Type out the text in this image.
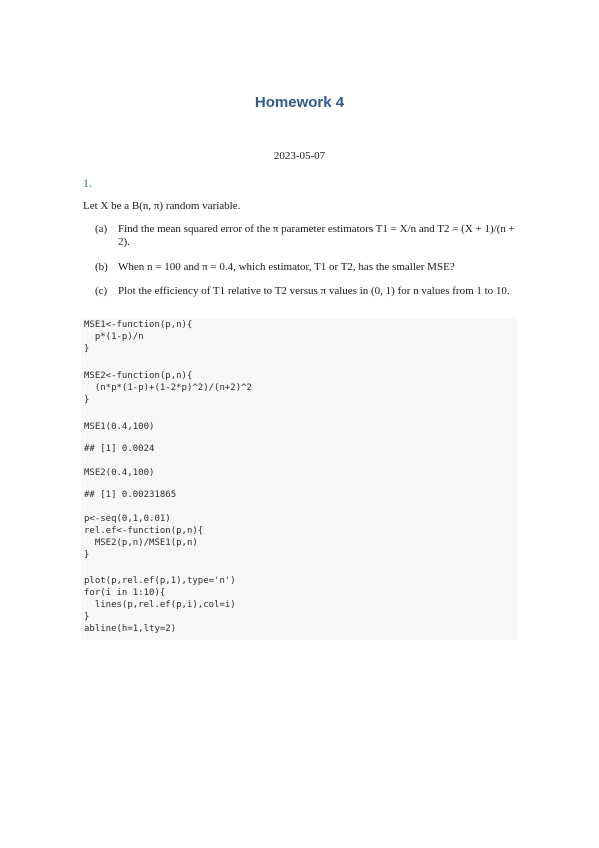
Homework 4
2023-05-07
1.
Let X be a B(n, π) random variable.
(a) Find the mean squared error of the π parameter estimators T1 = X/n and T2 = (X + 1)/(n + 2).
(b) When n = 100 and π = 0.4, which estimator, T1 or T2, has the smaller MSE?
(c) Plot the efficiency of T1 relative to T2 versus π values in (0, 1) for n values from 1 to 10.
MSE1<-function(p,n){
p*(1-p)/n
}
MSE2<-function(p,n){
(n*p*(1-p)+(1-2*p)^2)/(n+2)^2
}
MSE1(0.4,100)
## [1] 0.0024
MSE2(0.4,100)
## [1] 0.00231865
p<-seq(0,1,0.01)
rel.ef<-function(p,n){
MSE2(p,n)/MSE1(p,n)
}
plot(p,rel.ef(p,1),type='n')
for(i in 1:10){
lines(p,rel.ef(p,i),col=i)
}
abline(h=1,lty=2)
